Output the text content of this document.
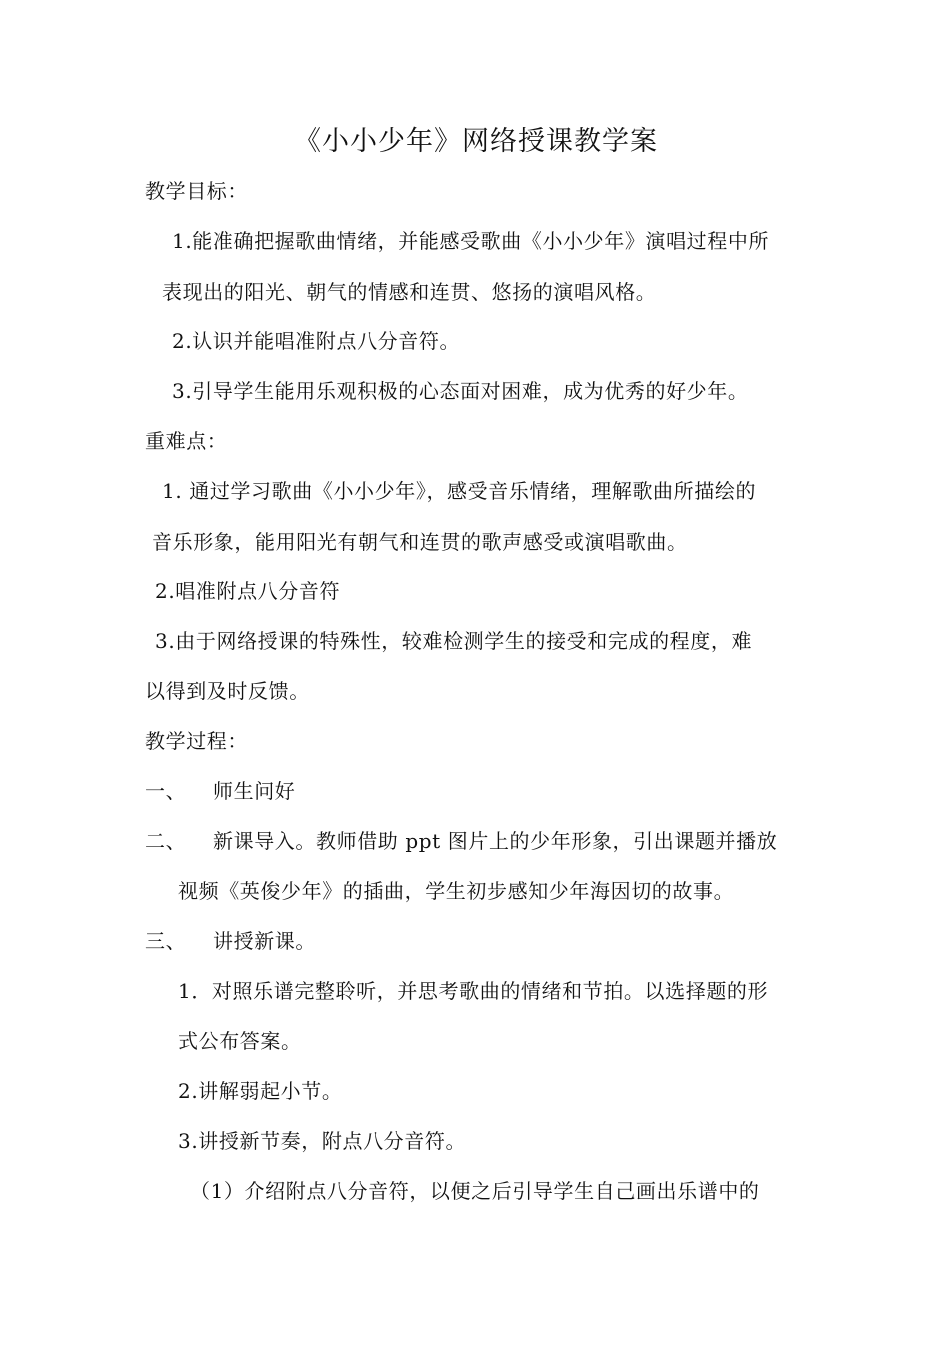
《小小少年》网络授课教学案
教学目标：
1.能准确把握歌曲情绪，并能感受歌曲《小小少年》演唱过程中所
表现出的阳光、朝气的情感和连贯、悠扬的演唱风格。
2.认识并能唱准附点八分音符。
3.引导学生能用乐观积极的心态面对困难，成为优秀的好少年。
重难点：
1. 通过学习歌曲《小小少年》，感受音乐情绪，理解歌曲所描绘的
音乐形象，能用阳光有朝气和连贯的歌声感受或演唱歌曲。
2.唱准附点八分音符
3.由于网络授课的特殊性，较难检测学生的接受和完成的程度，难
以得到及时反馈。
教学过程：
一、 师生问好
二、 新课导入。教师借助 ppt 图片上的少年形象，引出课题并播放
视频《英俊少年》的插曲，学生初步感知少年海因切的故事。
三、 讲授新课。
1．对照乐谱完整聆听，并思考歌曲的情绪和节拍。以选择题的形
式公布答案。
2.讲解弱起小节。
3.讲授新节奏，附点八分音符。
（1）介绍附点八分音符，以便之后引导学生自己画出乐谱中的
